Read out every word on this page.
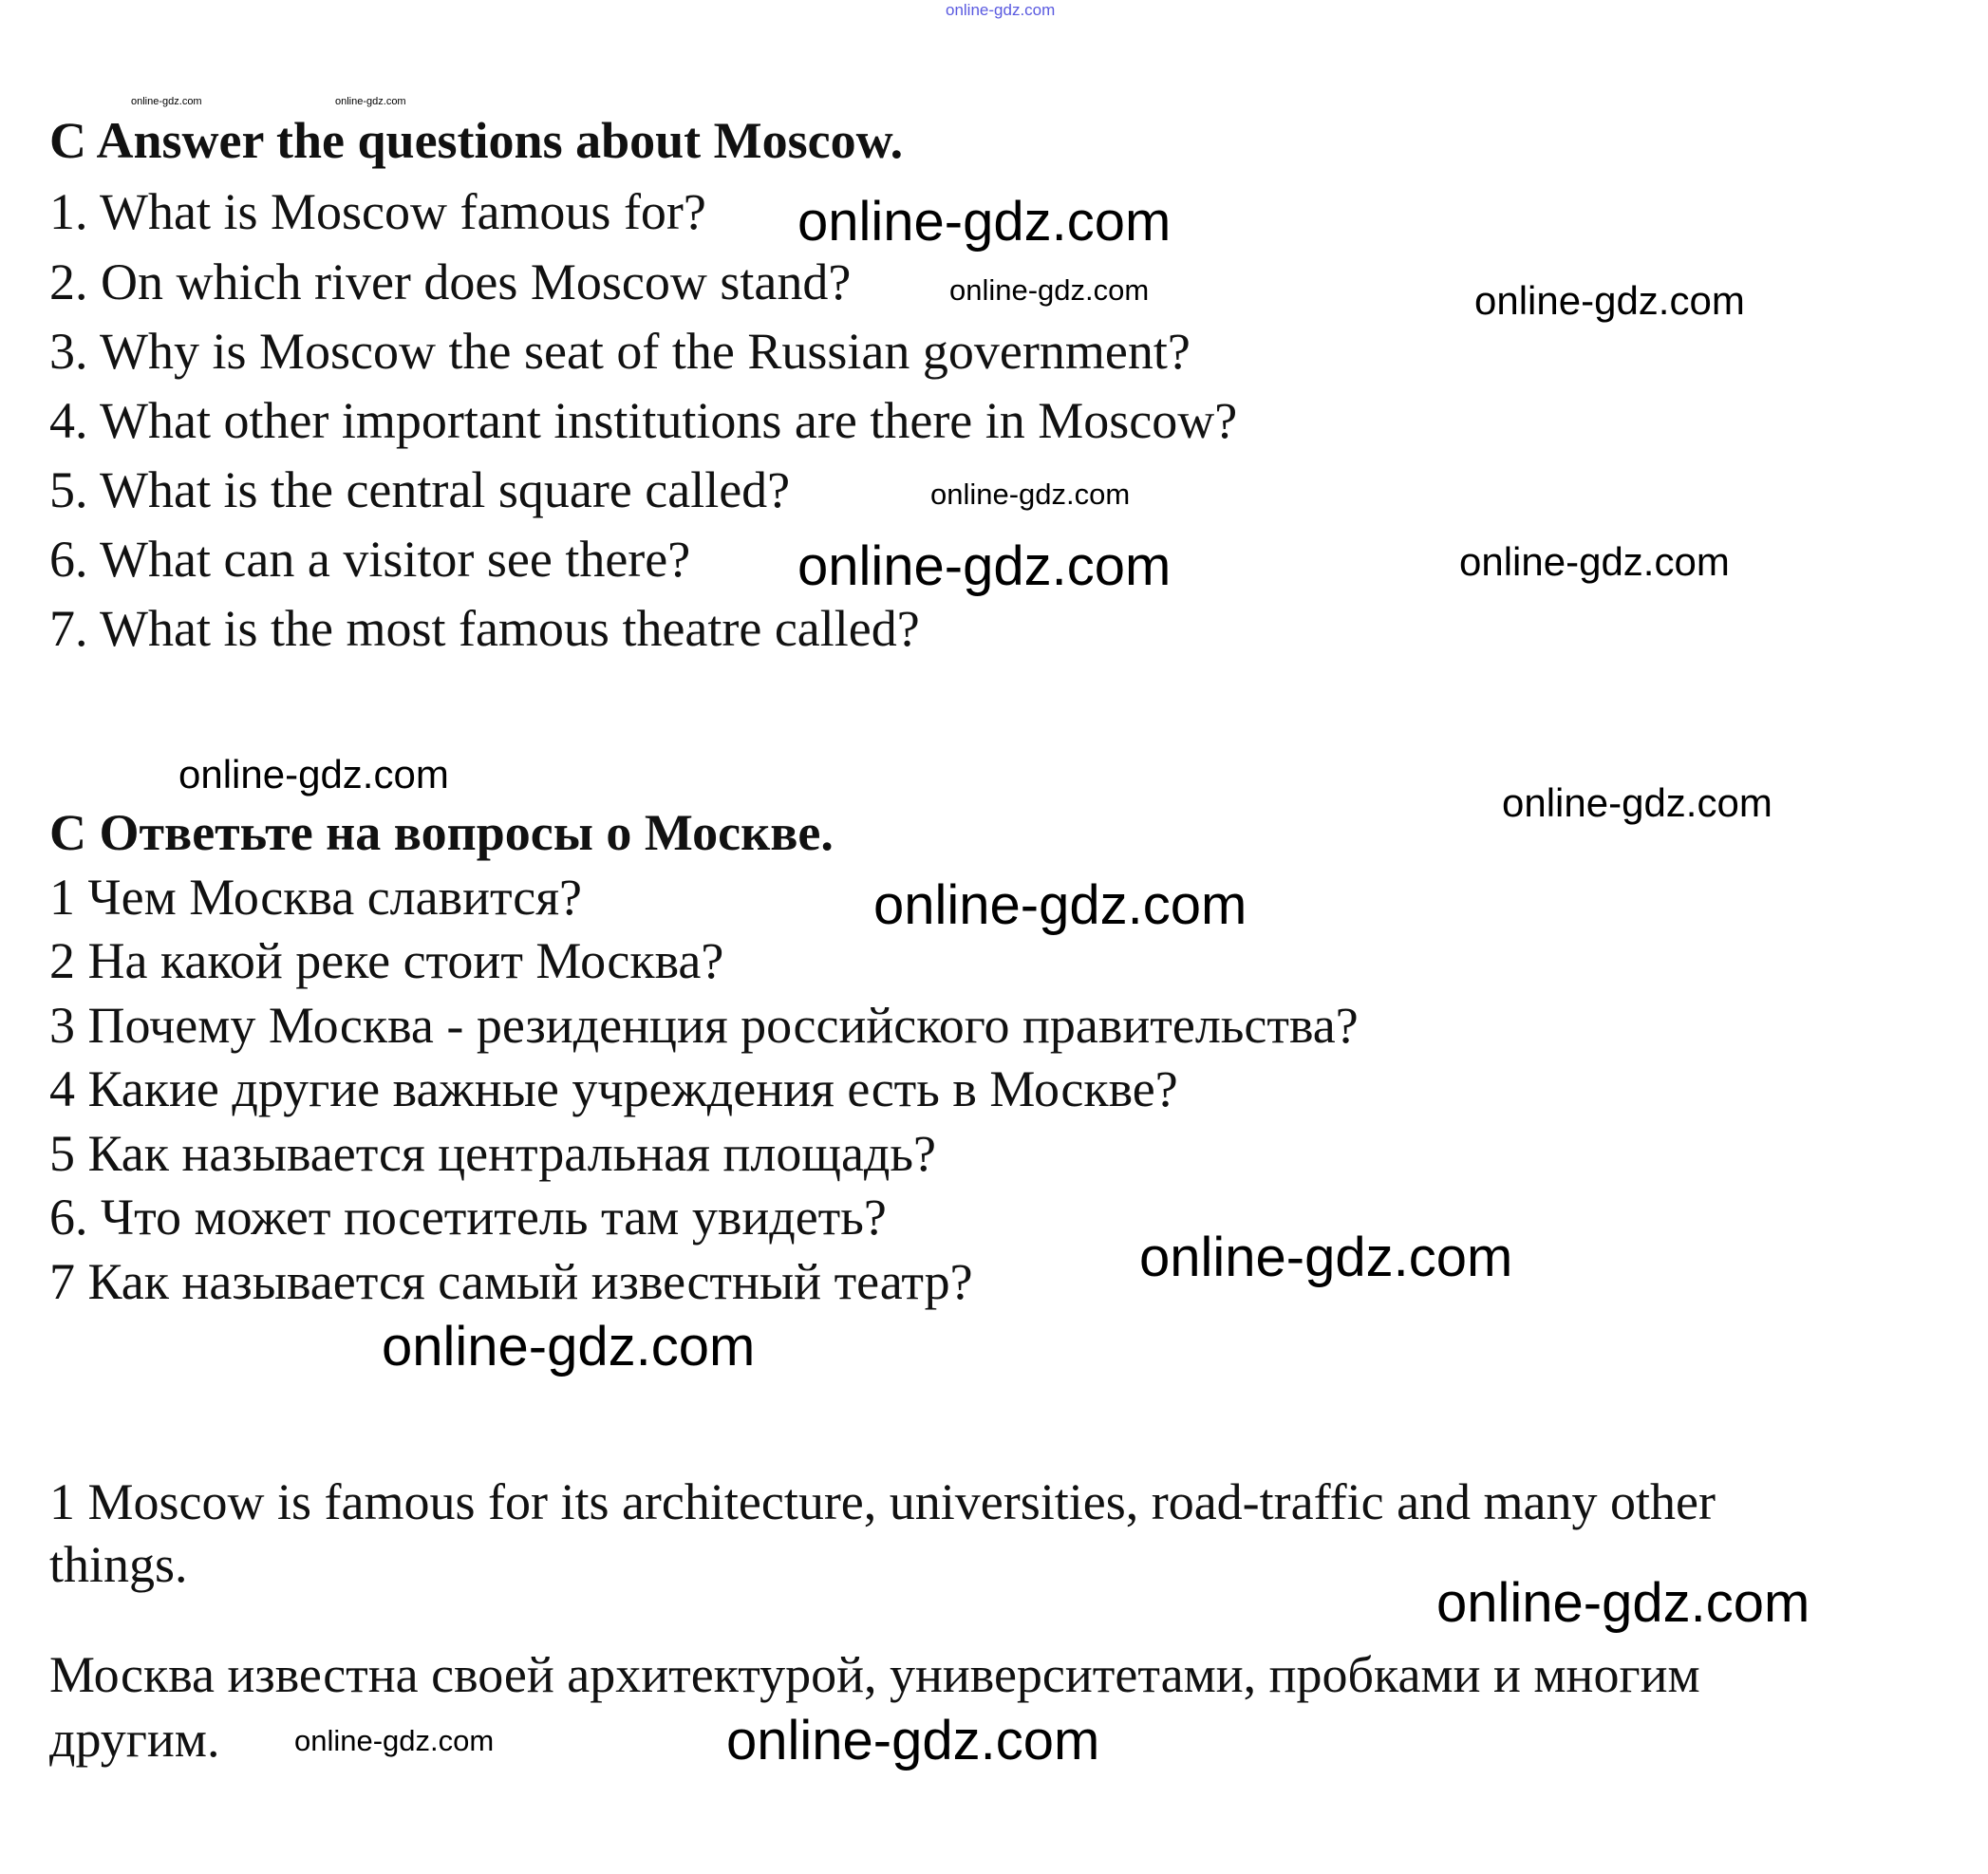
C Answer the questions about Moscow.
1. What is Moscow famous for?
2. On which river does Moscow stand?
3. Why is Moscow the seat of the Russian government?
4. What other important institutions are there in Moscow?
5. What is the central square called?
6. What can a visitor see there?
7. What is the most famous theatre called?
C Ответьте на вопросы о Москве.
1 Чем Москва славится?
2 На какой реке стоит Москва?
3 Почему Москва - резиденция российского правительства?
4 Какие другие важные учреждения есть в Москве?
5 Как называется центральная площадь?
6. Что может посетитель там увидеть?
7 Как называется самый известный театр?
1 Moscow is famous for its architecture, universities, road-traffic and many other
things.
Москва известна своей архитектурой, университетами, пробками и многим
другим.
online-gdz.com
online-gdz.com	online-gdz.com
online-gdz.com
online-gdz.com
online-gdz.com
online-gdz.com
online-gdz.com	online-gdz.com
online-gdz.com
online-gdz.com
online-gdz.com
online-gdz.com
online-gdz.com
online-gdz.com
online-gdz.com	online-gdz.com
